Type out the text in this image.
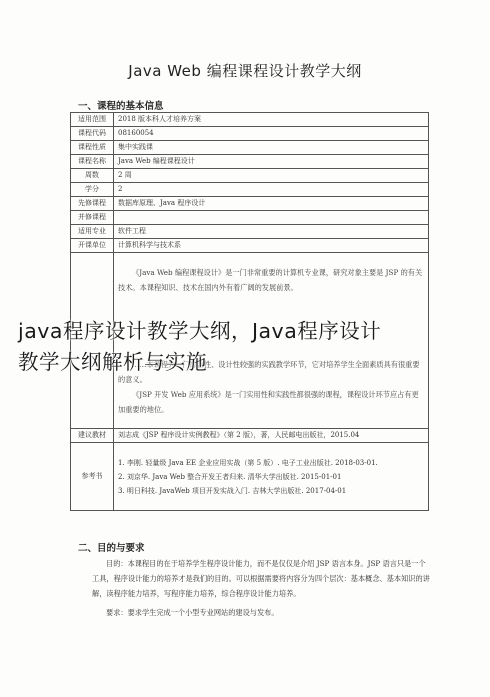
Java Web 编程课程设计教学大纲
一、课程的基本信息
适用范围	2018 版本科人才培养方案
课程代码	08160054
课程性质	集中实践课
课程名称	Java Web 编程课程设计
周数	2 周
学分	2
先修课程	数据库原理、Java 程序设计
并修课程	
适用专业	软件工程
开课单位	计算机科学与技术系

	《Java Web 编程课程设计》是一门非常重要的计算机专业课，研究对象主要是 JSP 的有关技术。本课程知识、技术在国内外有着广阔的发展前景。

……本课程为一门综合性、设计性较强的实践教学环节，它对培养学生全面素质具有很重要的意义。

《JSP 开发 Web 应用系统》是一门实用性和实践性都很强的课程，课程设计环节应占有更加重要的地位。

建议教材	刘志成《JSP 程序设计实例教程》（第 2 版），著，人民邮电出版社，2015.04
参考书	1. 李刚. 轻量级 Java EE 企业应用实战（第 5 版）. 电子工业出版社. 2018-03-01.
2. 刘京华. Java Web 整合开发王者归来. 清华大学出版社. 2015-01-01
3. 明日科技. JavaWeb 项目开发实战入门. 吉林大学出版社. 2017-04-01
二、目的与要求

目的：本课程目的在于培养学生程序设计能力，而不是仅仅是介绍 JSP 语言本身。JSP 语言只是一个工具，程序设计能力的培养才是我们的目的。可以根据需要将内容分为四个层次：基本概念、基本知识的讲解，读程序能力培养，写程序能力培养，综合程序设计能力培养。

要求：要求学生完成一个小型专业网站的建设与发布。

java程序设计教学大纲，Java程序设计
教学大纲解析与实施
